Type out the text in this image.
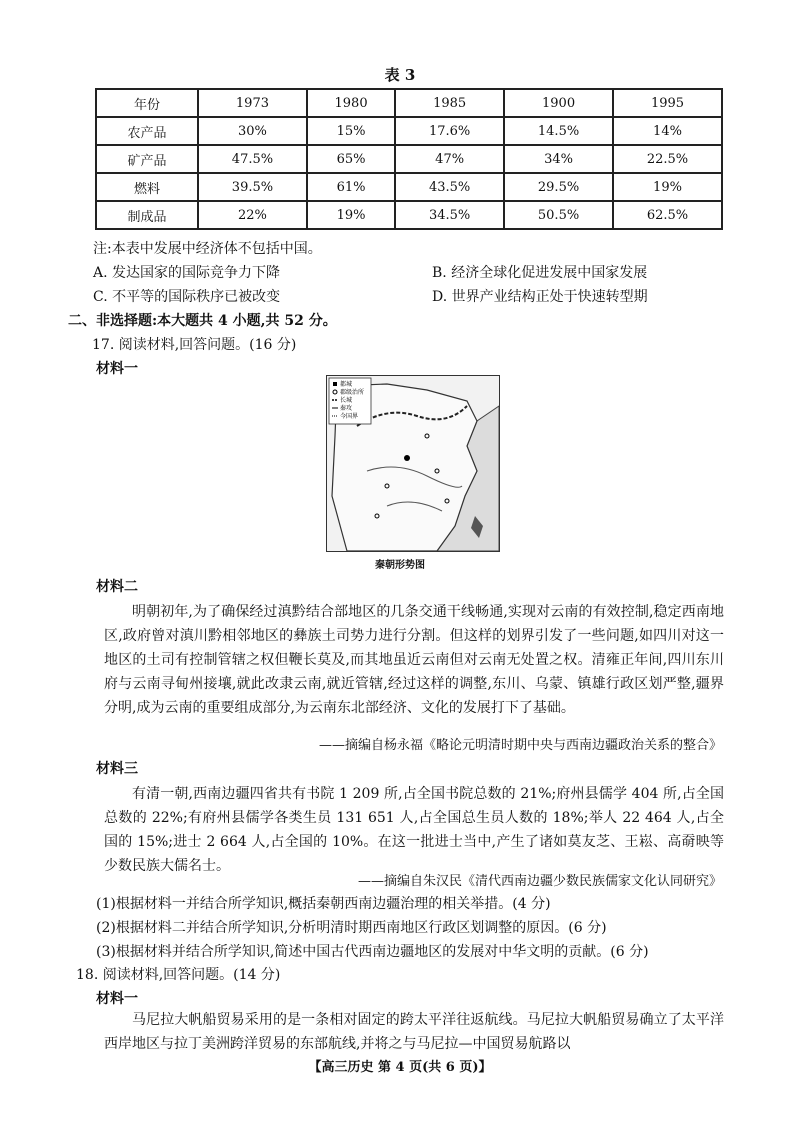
表 3
年份	1973	1980	1985	1900	1995
农产品	30%	15%	17.6%	14.5%	14%
矿产品	47.5%	65%	47%	34%	22.5%
燃料	39.5%	61%	43.5%	29.5%	19%
制成品	22%	19%	34.5%	50.5%	62.5%
注:本表中发展中经济体不包括中国。
A. 发达国家的国际竞争力下降	B. 经济全球化促进发展中国家发展
C. 不平等的国际秩序已被改变	D. 世界产业结构正处于快速转型期
二、非选择题:本大题共 4 小题,共 52 分。
17. 阅读材料,回答问题。(16 分)
材料一
都城
郡级治所
长城
秦攻
今国界
秦朝形势图
材料二

明朝初年,为了确保经过滇黔结合部地区的几条交通干线畅通,实现对云南的有效控制,稳定西南地区,政府曾对滇川黔相邻地区的彝族土司势力进行分割。但这样的划界引发了一些问题,如四川对这一地区的土司有控制管辖之权但鞭长莫及,而其地虽近云南但对云南无处置之权。清雍正年间,四川东川府与云南寻甸州接壤,就此改隶云南,就近管辖,经过这样的调整,东川、乌蒙、镇雄行政区划严整,疆界分明,成为云南的重要组成部分,为云南东北部经济、文化的发展打下了基础。

——摘编自杨永福《略论元明清时期中央与西南边疆政治关系的整合》
材料三

有清一朝,西南边疆四省共有书院 1 209 所,占全国书院总数的 21%;府州县儒学 404 所,占全国总数的 22%;有府州县儒学各类生员 131 651 人,占全国总生员人数的 18%;举人 22 464 人,占全国的 15%;进士 2 664 人,占全国的 10%。在这一批进士当中,产生了诸如莫友芝、王崧、高奣映等少数民族大儒名士。

——摘编自朱汉民《清代西南边疆少数民族儒家文化认同研究》
(1)根据材料一并结合所学知识,概括秦朝西南边疆治理的相关举措。(4 分)
(2)根据材料二并结合所学知识,分析明清时期西南地区行政区划调整的原因。(6 分)
(3)根据材料并结合所学知识,简述中国古代西南边疆地区的发展对中华文明的贡献。(6 分)
18. 阅读材料,回答问题。(14 分)
材料一

马尼拉大帆船贸易采用的是一条相对固定的跨太平洋往返航线。马尼拉大帆船贸易确立了太平洋西岸地区与拉丁美洲跨洋贸易的东部航线,并将之与马尼拉—中国贸易航路以

【高三历史 第 4 页(共 6 页)】
